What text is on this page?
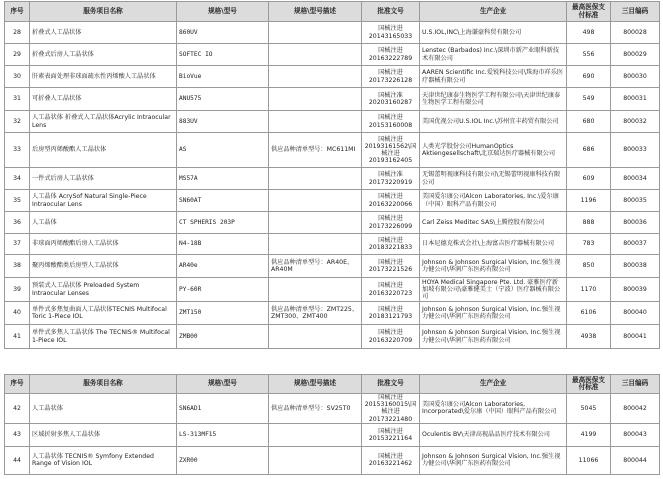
序号	服务项目名称	规格\型号	规格\型号描述	批准文号	生产企业	最高医保支付标准	三目编码
28	折叠式人工晶状体	860UV		国械注进20143165033	U.S.IOL,INC\上海谦豪科贸有限公司	498	800028
29	折叠式后房人工晶状体	SOFTEC IO		国械注进20163222789	Lenstec (Barbados) Inc.\深圳市新产业眼科新技术有限公司	556	800029
30	肝素表面处理非球面疏水性丙烯酸人工晶状体	BioVue		国械注进20173226128	AAREN Scientific Inc.爱锐科技公司\珠海市祥乐医疗器械有限公司	690	800030
31	可折叠人工晶状体	ANU575		国械注准20203160287	天津世纪康泰生物医学工程有限公司\天津世纪康泰生物医学工程有限公司	549	800031
32	人工晶状体 折叠式人工晶状体Acrylic Intraocular Lens	883UV		国械注进20153160008	美国优视公司U.S.IOL Inc.\苏州宜丰药贸有限公司	680	800032
33	后房型丙烯酸酯人工晶状体	AS	供应品种清单型号：MC611MI	国械注进20193161562\国械注进20193162405	人类光学股份公司HumanOptics Aktiengesellschaft\北京瑞达医疗器械有限公司	686	800033
34	一件式后房人工晶状体	MS57A		国械注准20173220919	无锡蕾明视康科技有限公司\无锡蕾明视康科技有限公司	609	800034
35	人工晶体 AcrySof Natural Single-Piece Intraocular Lens	SN60AT		国械注进20163220066	美国爱尔康公司Alcon Laboratories, Inc.\爱尔康（中国）眼科产品有限公司	1196	800035
36	人工晶体	CT SPHERIS 203P		国械注进20173226099	Carl Zeiss Meditec SAS\上腾控股有限公司	888	800036
37	非球面丙烯酸酯后房人工晶状体	N4-18B		国械注进20183221833	日本尼德克株式会社\上海富吉医疗器械有限公司	783	800037
38	聚丙烯酸酯类后房型人工晶状体	AR40e	供应品种清单型号：AR40E、AR40M	国械注进20173221526	Johnson & Johnson Surgical Vision, Inc.强生视力健公司\华润广东医药有限公司	850	800038
39	预装式人工晶状体 Preloaded System Intraocular Lenses	PY-60R		国械注进20163220723	HOYA Medical Singapore Pte. Ltd. 豪雅医疗新加坡有限公司\豪雅健美士（宁波）医疗器械有限公司	1170	800039
40	单件式多焦复曲面人工晶状体TECNIS Multifocal Toric 1-Piece IOL	ZMT150	供应品种清单型号：ZMT225、ZMT300、ZMT400	国械注进20183121793	Johnson & Johnson Surgical Vision, Inc.强生视力健公司\华润广东医药有限公司	6106	800040
41	单件式多焦人工晶状体 The TECNIS® Multifocal 1-Piece IOL	ZMB00		国械注进20163220709	Johnson & Johnson Surgical Vision, Inc.强生视力健公司\华润广东医药有限公司	4938	800041
序号	服务项目名称	规格\型号	规格\型号描述	批准文号	生产企业	最高医保支付标准	三目编码
42	人工晶状体	SN6AD1	供应品种清单型号：SV25T0	国械注进20153160015\国械注进20173221480	美国爱尔康公司Alcon Laboratories, Incorporated\爱尔康（中国）眼科产品有限公司	5045	800042
43	区域折射多焦人工晶状体	LS-313MF15		国械注进20153221164	Oculentis BV\天津高视晶品医疗技术有限公司	4199	800043
44	人工晶状体 TECNIS® Symfony Extended Range of Vision IOL	ZXR00		国械注进20163221462	Johnson & Johnson Surgical Vision, Inc.强生视力健公司\华润广东医药有限公司	11066	800044
